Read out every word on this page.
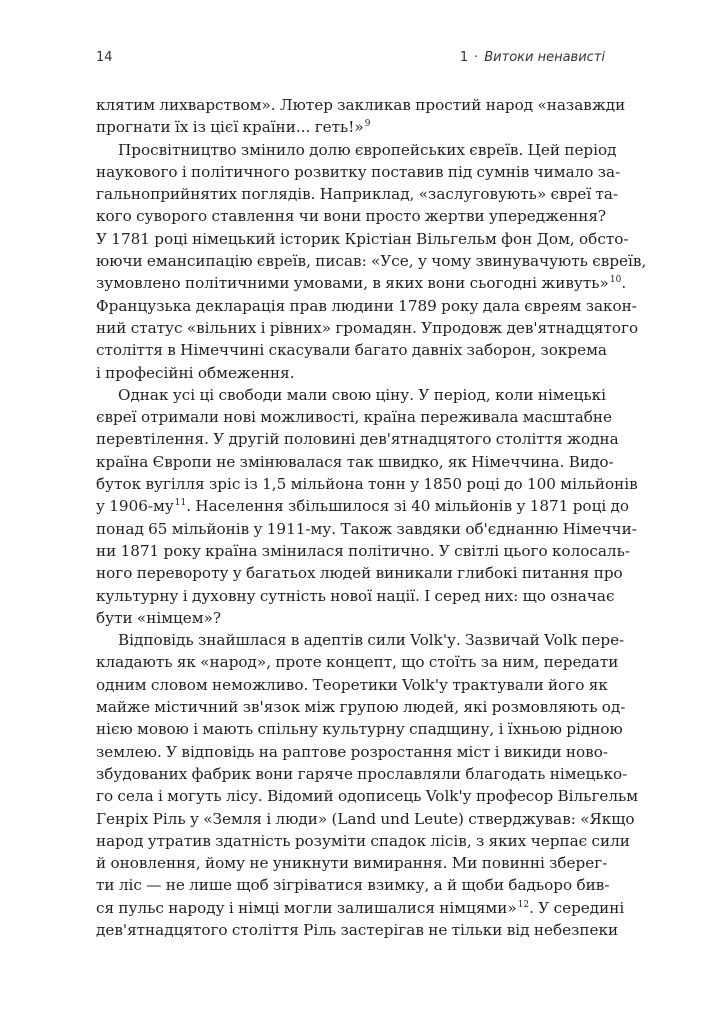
14	1 · Витоки ненависті

клятим лихварством». Лютер закликав простий народ «назавжди
прогнати їх із цієї країни... геть!»$^9$

Просвітництво змінило долю європейських євреїв. Цей період
наукового і політичного розвитку поставив під сумнів чимало за-
гальноприйнятих поглядів. Наприклад, «заслуговують» євреї та-
кого суворого ставлення чи вони просто жертви упередження?
У 1781 році німецький історик Крістіан Вільгельм фон Дом, обсто-
юючи емансипацію євреїв, писав: «Усе, у чому звинувачують євреїв,
зумовлено політичними умовами, в яких вони сьогодні живуть»$^{10}$.
Французька декларація прав людини 1789 року дала євреям закон-
ний статус «вільних і рівних» громадян. Упродовж дев'ятнадцятого
століття в Німеччині скасували багато давніх заборон, зокрема
і професійні обмеження.

Однак усі ці свободи мали свою ціну. У період, коли німецькі
євреї отримали нові можливості, країна переживала масштабне
перевтілення. У другій половині дев'ятнадцятого століття жодна
країна Європи не змінювалася так швидко, як Німеччина. Видо-
буток вугілля зріс із 1,5 мільйона тонн у 1850 році до 100 мільйонів
у $1906-му^{11}$. Населення збільшилося зі 40 мільйонів у 1871 році до
понад 65 мільйонів у 1911-му. Також завдяки об'єднанню Німеччи-
ни 1871 року країна змінилася політично. У світлі цього колосаль-
ного перевороту у багатьох людей виникали глибокі питання про
культурну і духовну сутність нової нації. І серед них: що означає
бути «німцем»?

Відповідь знайшлася в адептів сили Volk'у. Зазвичай Volk пере-
кладають як «народ», проте концепт, що стоїть за ним, передати
одним словом неможливо. Теоретики Volk'у трактували його як
майже містичний зв'язок між групою людей, які розмовляють од-
нією мовою і мають спільну культурну спадщину, і їхньою рідною
землею. У відповідь на раптове розростання міст і викиди ново-
збудованих фабрик вони гаряче прославляли благодать німецько-
го села і могуть лісу. Відомий одописець Volk'у професор Вільгельм
Генріх Ріль у «Земля і люди» (Land und Leute) стверджував: «Якщо
народ утратив здатність розуміти спадок лісів, з яких черпає сили
й оновлення, йому не уникнути вимирання. Ми повинні зберег-
ти ліс — не лише щоб зігріватися взимку, а й щоби бадьоро бив-
ся пульс народу і німці могли залишалися німцями»$^{12}$. У середині
дев'ятнадцятого століття Ріль застерігав не тільки від небезпеки
